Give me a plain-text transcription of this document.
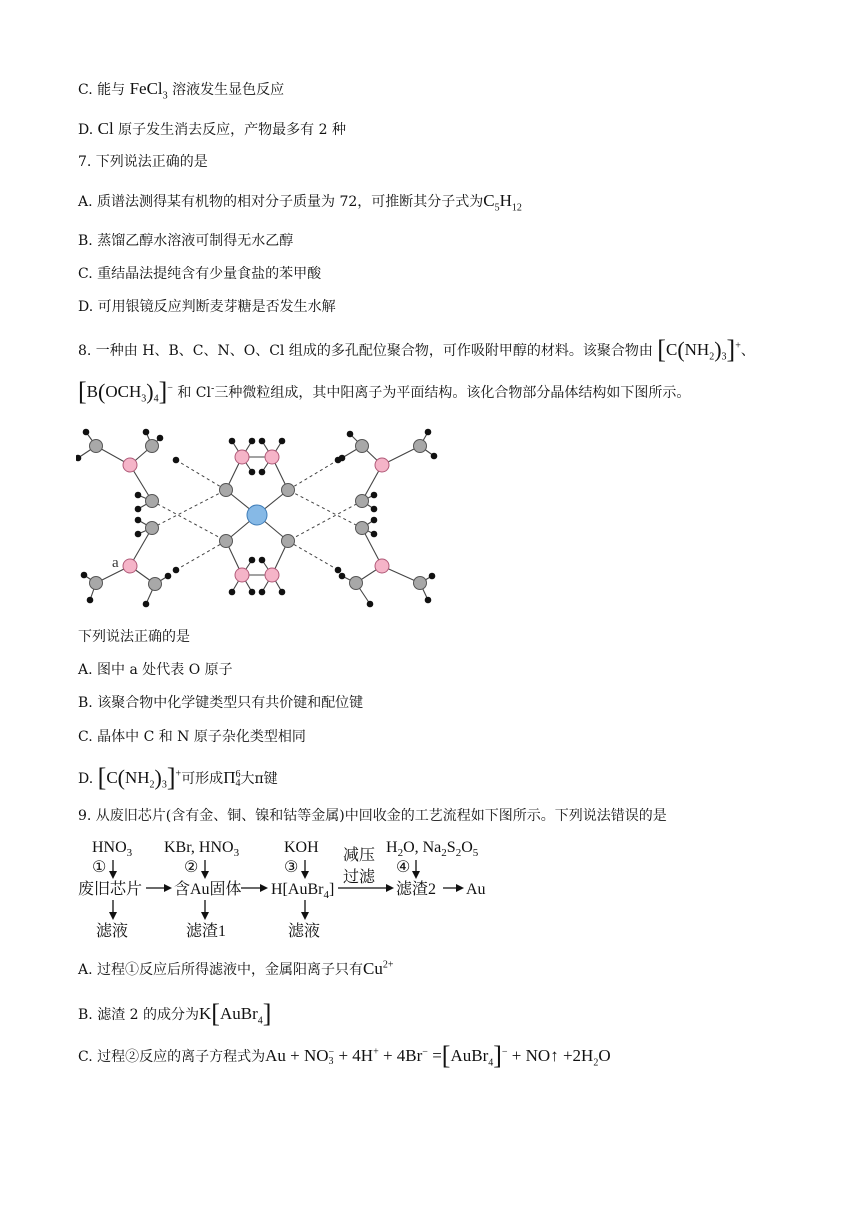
C. 能与 FeCl$_3$ 溶液发生显色反应
D. Cl 原子发生消去反应，产物最多有 2 种
7. 下列说法正确的是
A. 质谱法测得某有机物的相对分子质量为 72，可推断其分子式为$C_5H_{12}$
B. 蒸馏乙醇水溶液可制得无水乙醇
C. 重结晶法提纯含有少量食盐的苯甲酸
D. 可用银镜反应判断麦芽糖是否发生水解
8. 一种由 H、B、C、N、O、Cl 组成的多孔配位聚合物，可作吸附甲醇的材料。该聚合物由 $[C(NH_2)_3]^+$、
$[B(OCH_3)_4]^-$ 和 Cl-三种微粒组成，其中阳离子为平面结构。该化合物部分晶体结构如下图所示。
a
下列说法正确的是
A. 图中 a 处代表 O 原子
B. 该聚合物中化学键类型只有共价键和配位键
C. 晶体中 C 和 N 原子杂化类型相同
D. $[C(NH_2)_3]^+$可形成Π 6
4 大π键
9. 从废旧芯片(含有金、铜、镍和钴等金属)中回收金的工艺流程如下图所示。下列说法错误的是
$HNO_3$ KBr, $HNO_3$	KOH	$H_2O$, $Na_2S_2O_5$
①	②	③	④
减压
过滤
废旧芯片 含Au固体 H[AuBr$_4$]	滤渣2 Au
滤液	滤渣1	滤液
A. 过程①反应后所得滤液中，金属阳离子只有$Cu^{2+}$
B. 滤渣 2 的成分为K[AuBr$_4$]
C. 过程②反应的离子方程式为Au + NO −
3 + 4H+ + 4Br− =[AuBr$_4$]− + NO↑ $+2H_2O$
